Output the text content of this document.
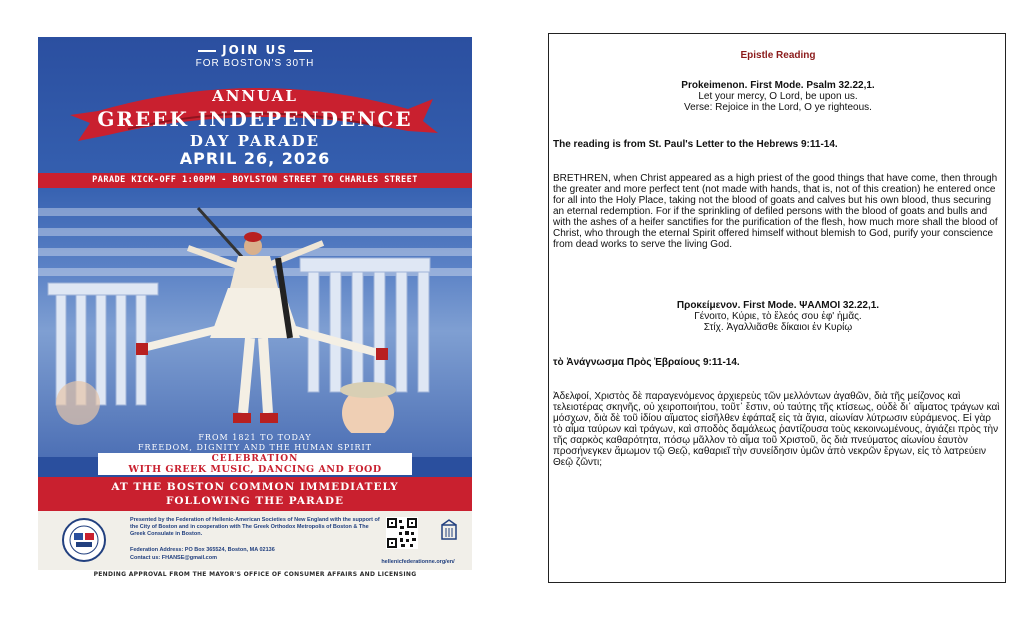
JOIN US
FOR BOSTON'S 30TH
ANNUAL
GREEK INDEPENDENCE
DAY PARADE
APRIL 26, 2026
PARADE KICK-OFF 1:00PM - BOYLSTON STREET TO CHARLES STREET
FROM 1821 TO TODAY
FREEDOM, DIGNITY AND THE HUMAN SPIRIT
CELEBRATION
WITH GREEK MUSIC, DANCING AND FOOD
AT THE BOSTON COMMON IMMEDIATELY
FOLLOWING THE PARADE
Presented by the Federation of Hellenic-American Societies of New England with the support of the City of Boston and in cooperation with The Greek Orthodox Metropolis of Boston & The Greek Consulate in Boston.
Federation Address: PO Box 365524, Boston, MA 02136
Contact us: FHANSE@gmail.com
hellenicfederationne.org/en/
PENDING APPROVAL FROM THE MAYOR'S OFFICE OF CONSUMER AFFAIRS AND LICENSING
Epistle Reading
Prokeimenon. First Mode. Psalm 32.22,1.
Let your mercy, O Lord, be upon us.
Verse: Rejoice in the Lord, O ye righteous.
The reading is from St. Paul's Letter to the Hebrews 9:11-14.
BRETHREN, when Christ appeared as a high priest of the good things that have come, then through the greater and more perfect tent (not made with hands, that is, not of this creation) he entered once for all into the Holy Place, taking not the blood of goats and calves but his own blood, thus securing an eternal redemption. For if the sprinkling of defiled persons with the blood of goats and bulls and with the ashes of a heifer sanctifies for the purification of the flesh, how much more shall the blood of Christ, who through the eternal Spirit offered himself without blemish to God, purify your conscience from dead works to serve the living God.
Προκείμενον. First Mode. ΨΑΛΜΟΙ 32.22,1.
Γένοιτο, Κύριε, τὸ ἔλεός σου ἐφ' ἡμᾶς.
Στίχ. Ἀγαλλιᾶσθε δίκαιοι ἐν Κυρίῳ
τὸ Ἀνάγνωσμα Πρὸς Ἑβραίους 9:11-14.
Ἀδελφοί, Χριστὸς δὲ παραγενόμενος ἀρχιερεὺς τῶν μελλόντων ἀγαθῶν, διὰ τῆς μείζονος καὶ τελειοτέρας σκηνῆς, οὐ χειροποιήτου, τοῦτ᾿ ἔστιν, οὐ ταύτης τῆς κτίσεως, οὐδὲ δι᾿ αἵματος τράγων καὶ μόσχων, διὰ δὲ τοῦ ἰδίου αἵματος εἰσῆλθεν ἐφάπαξ εἰς τὰ ἅγια, αἰωνίαν λύτρωσιν εὑράμενος. Εἰ γὰρ τὸ αἷμα ταύρων καὶ τράγων, καὶ σποδὸς δαμάλεως ῥαντίζουσα τοὺς κεκοινωμένους, ἁγιάζει πρὸς τὴν τῆς σαρκὸς καθαρότητα, πόσῳ μᾶλλον τὸ αἷμα τοῦ Χριστοῦ, ὃς διὰ πνεύματος αἰωνίου ἑαυτὸν προσήνεγκεν ἄμωμον τῷ Θεῷ, καθαριεῖ τὴν συνείδησιν ὑμῶν ἀπὸ νεκρῶν ἔργων, εἰς τὸ λατρεύειν Θεῷ ζῶντι;
